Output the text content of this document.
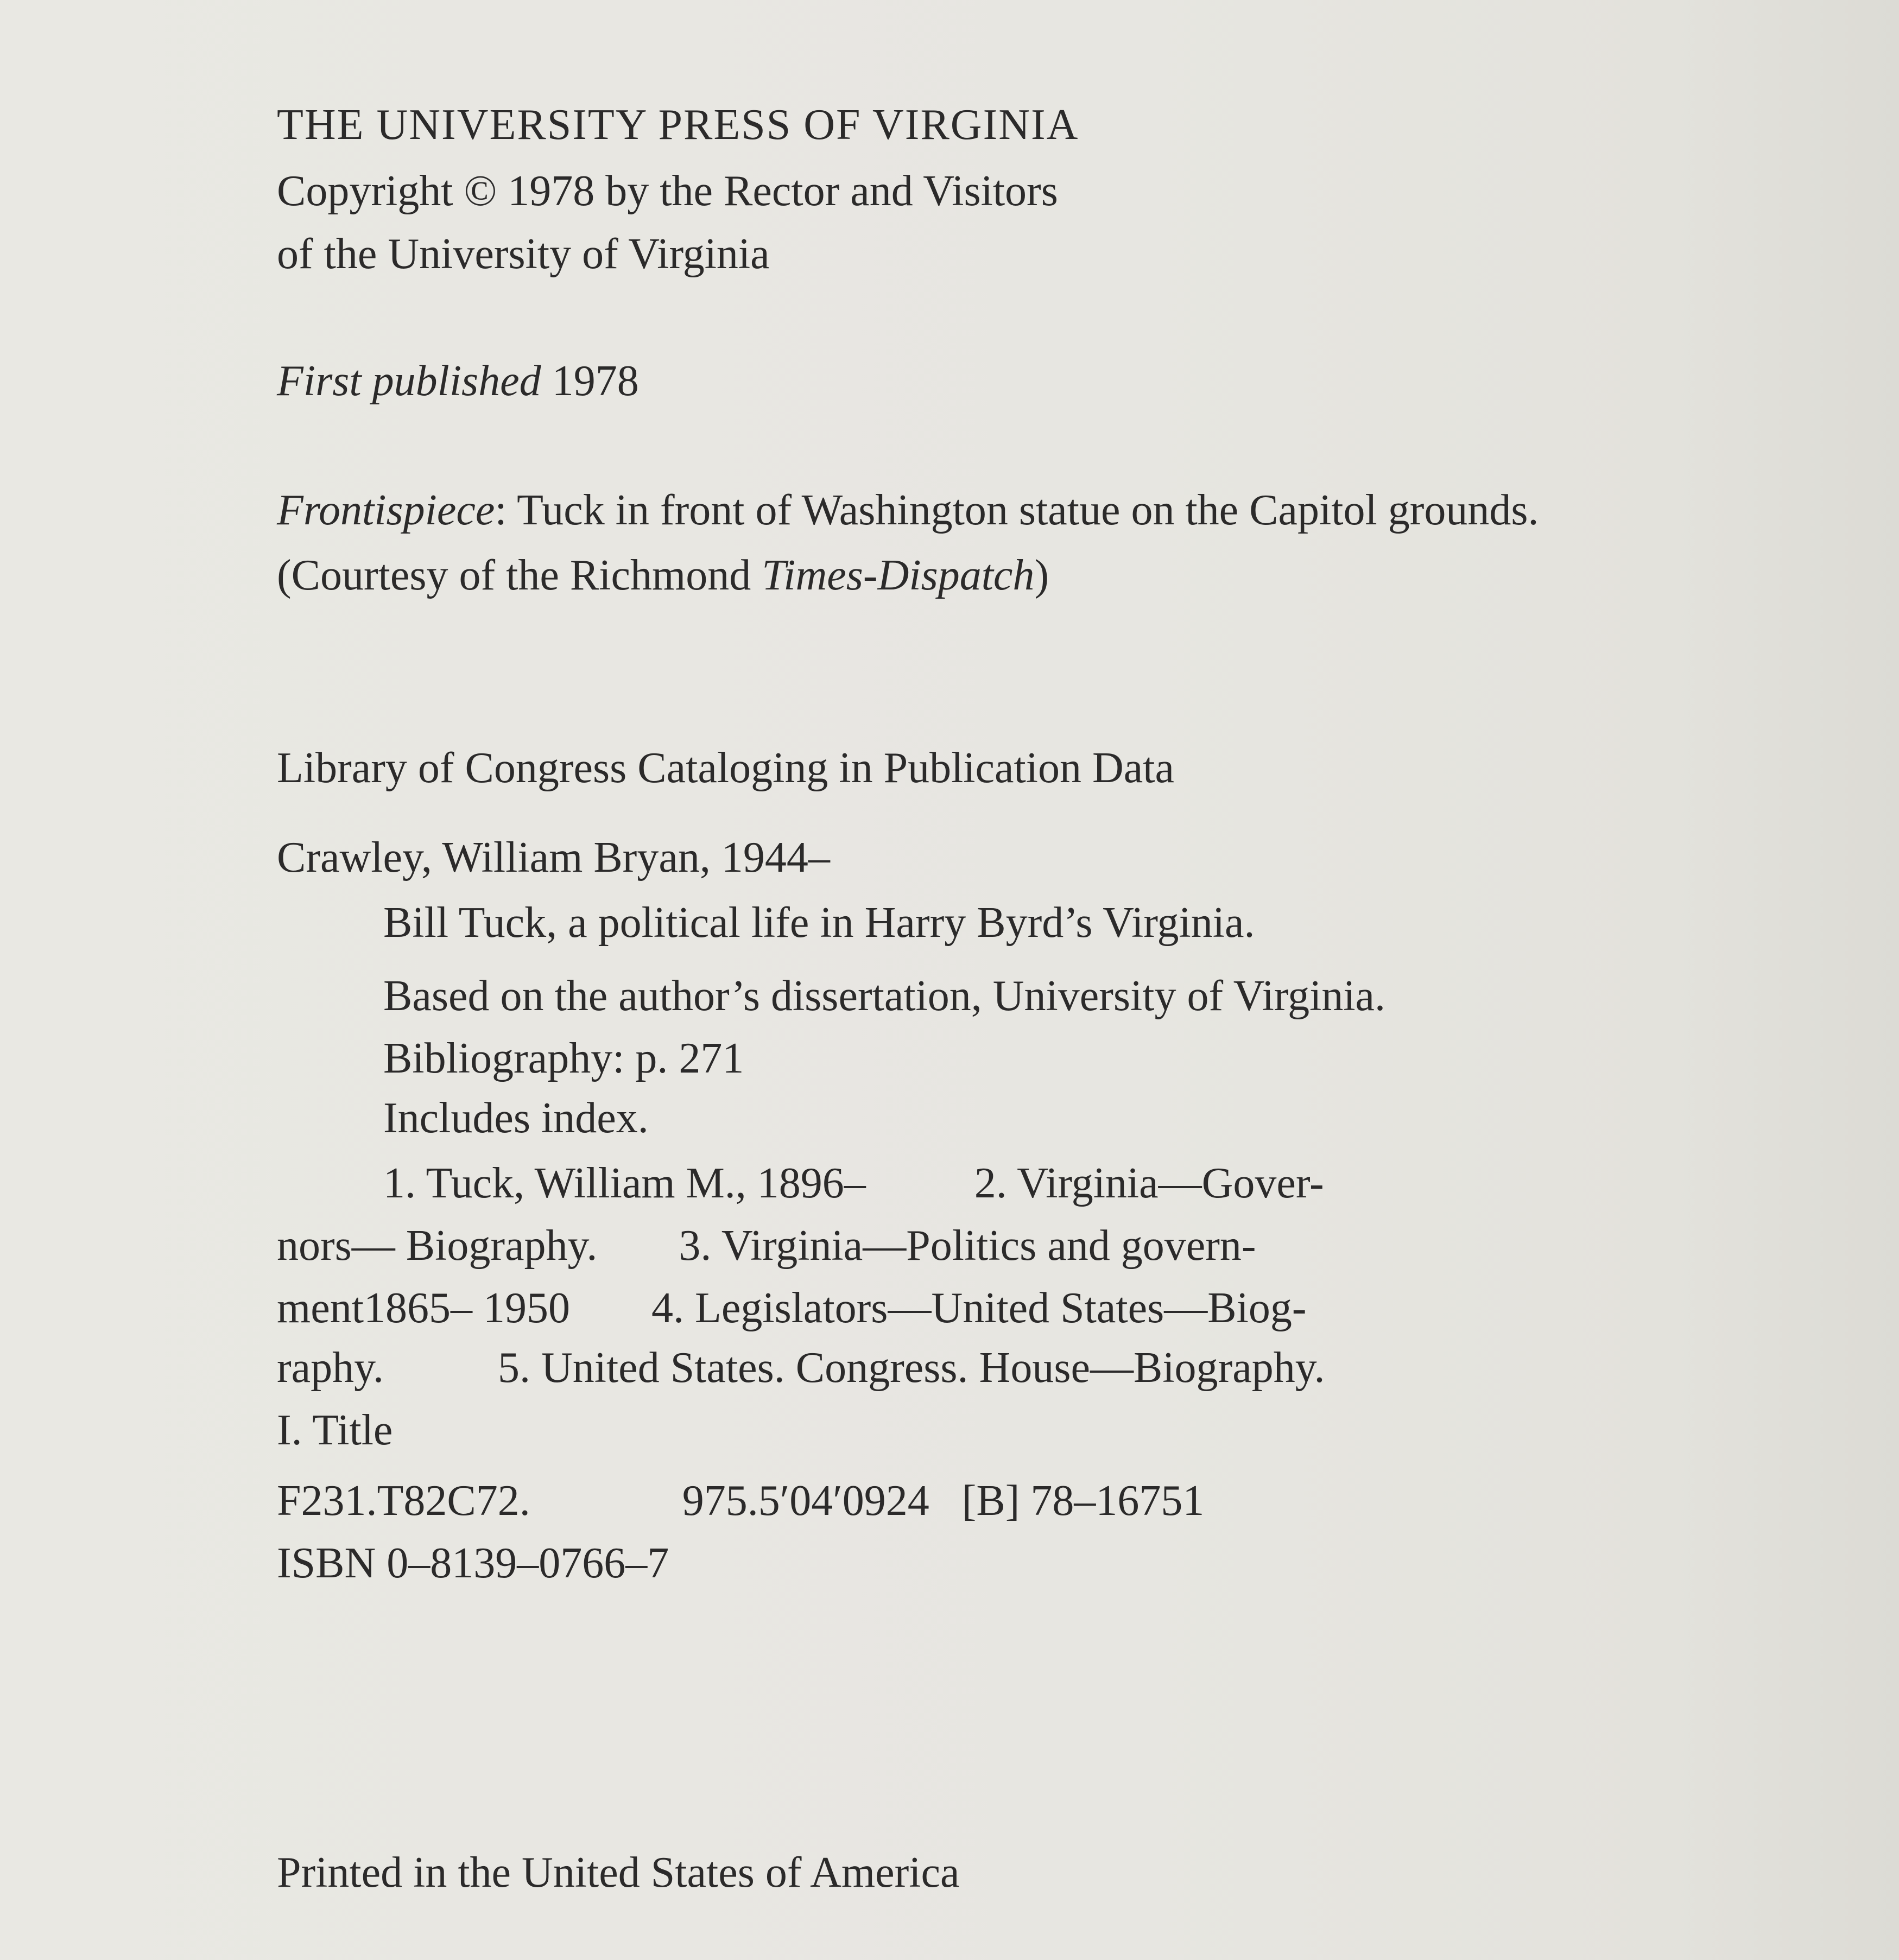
THE UNIVERSITY PRESS OF VIRGINIA
Copyright © 1978 by the Rector and Visitors
of the University of Virginia
First published 1978
Frontispiece: Tuck in front of Washington statue on the Capitol grounds.
(Courtesy of the Richmond Times-Dispatch)
Library of Congress Cataloging in Publication Data
Crawley, William Bryan, 1944–
Bill Tuck, a political life in Harry Byrd’s Virginia.
Based on the author’s dissertation, University of Virginia.
Bibliography: p. 271
Includes index.
1. Tuck, William M., 1896–	2. Virginia—Gover-
nors— Biography. 3. Virginia—Politics and govern-
ment1865– 1950 4. Legislators—United States—Biog-
raphy.	5. United States. Congress. House—Biography.
I. Title
F231.T82C72.	975.5′04′0924 [B] 78–16751
ISBN 0–8139–0766–7
Printed in the United States of America
